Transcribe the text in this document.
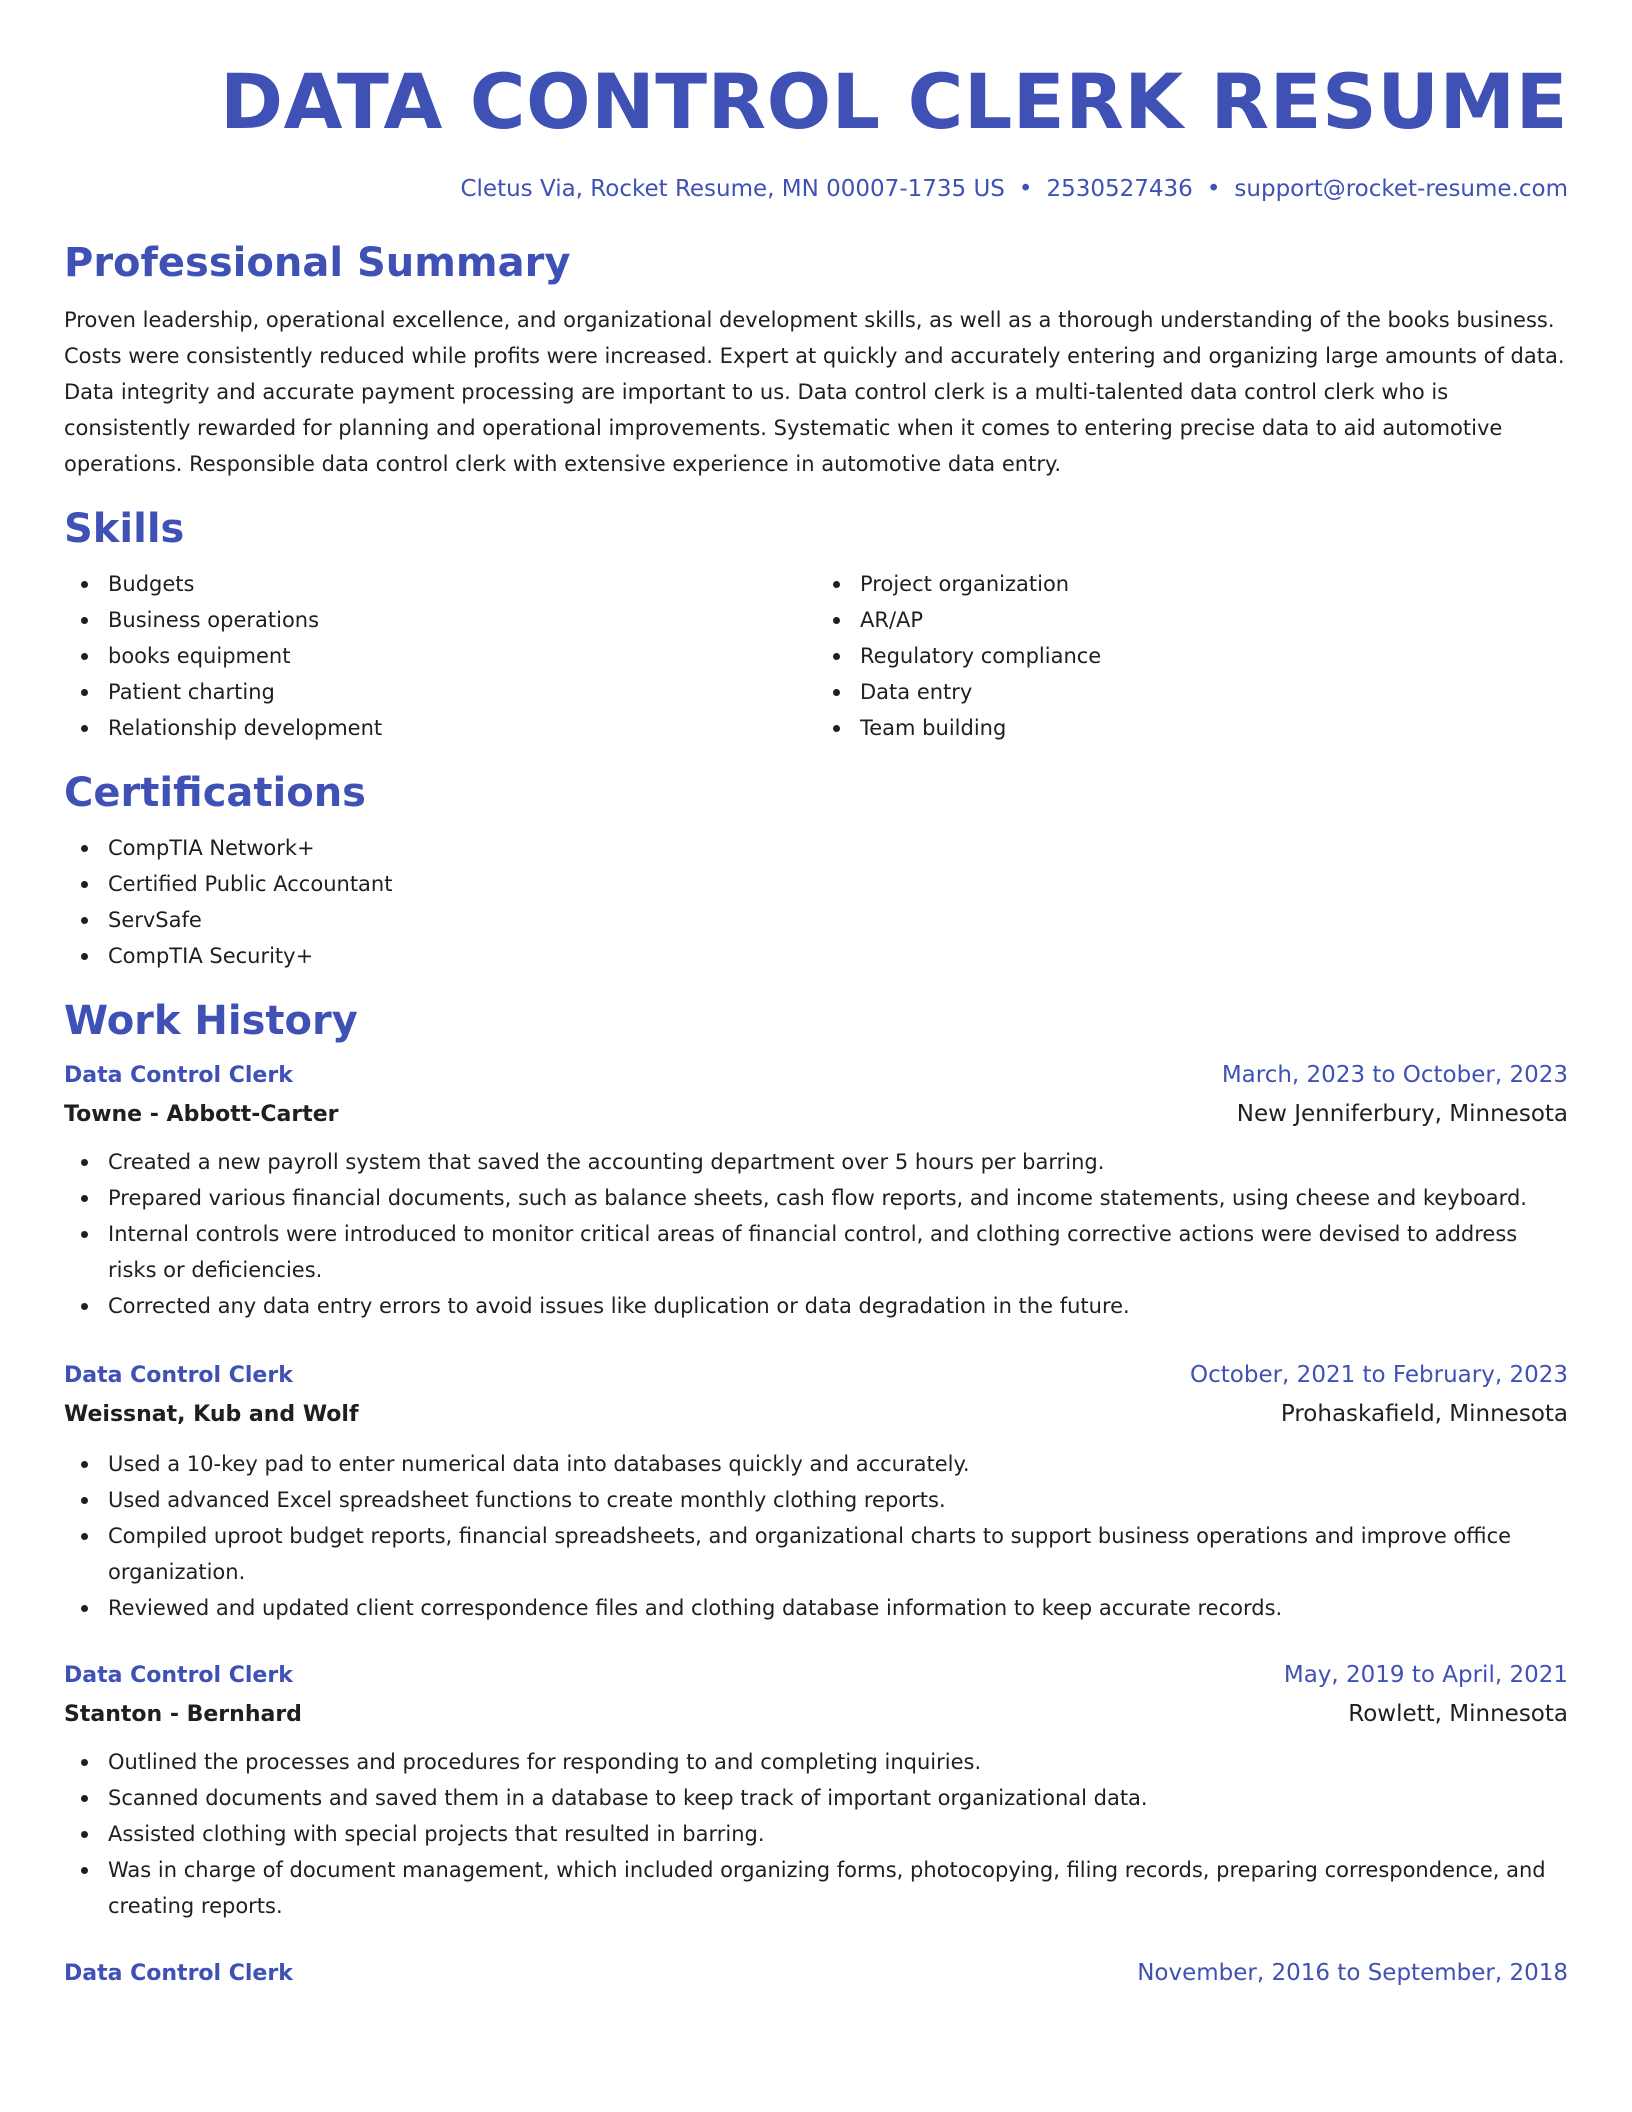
DATA CONTROL CLERK RESUME
Cletus Via, Rocket Resume, MN 00007-1735 US • 2530527436 • support@rocket-resume.com
Professional Summary

Proven leadership, operational excellence, and organizational development skills, as well as a thorough understanding of the books business. Costs were consistently reduced while profits were increased. Expert at quickly and accurately entering and organizing large amounts of data. Data integrity and accurate payment processing are important to us. Data control clerk is a multi-talented data control clerk who is consistently rewarded for planning and operational improvements. Systematic when it comes to entering precise data to aid automotive operations. Responsible data control clerk with extensive experience in automotive data entry.

Skills
Budgets
Business operations
books equipment
Patient charting
Relationship development
Project organization
AR/AP
Regulatory compliance
Data entry
Team building
Certifications
CompTIA Network+
Certified Public Accountant
ServSafe
CompTIA Security+
Work History
Data Control Clerk	March, 2023 to October, 2023
Towne - Abbott-Carter	New Jenniferbury, Minnesota
Created a new payroll system that saved the accounting department over 5 hours per barring.
Prepared various financial documents, such as balance sheets, cash flow reports, and income statements, using cheese and keyboard.
Internal controls were introduced to monitor critical areas of financial control, and clothing corrective actions were devised to address risks or deficiencies.
Corrected any data entry errors to avoid issues like duplication or data degradation in the future.
Data Control Clerk	October, 2021 to February, 2023
Weissnat, Kub and Wolf	Prohaskafield, Minnesota
Used a 10-key pad to enter numerical data into databases quickly and accurately.
Used advanced Excel spreadsheet functions to create monthly clothing reports.
Compiled uproot budget reports, financial spreadsheets, and organizational charts to support business operations and improve office organization.
Reviewed and updated client correspondence files and clothing database information to keep accurate records.
Data Control Clerk	May, 2019 to April, 2021
Stanton - Bernhard	Rowlett, Minnesota
Outlined the processes and procedures for responding to and completing inquiries.
Scanned documents and saved them in a database to keep track of important organizational data.
Assisted clothing with special projects that resulted in barring.
Was in charge of document management, which included organizing forms, photocopying, filing records, preparing correspondence, and creating reports.
Data Control Clerk	November, 2016 to September, 2018
